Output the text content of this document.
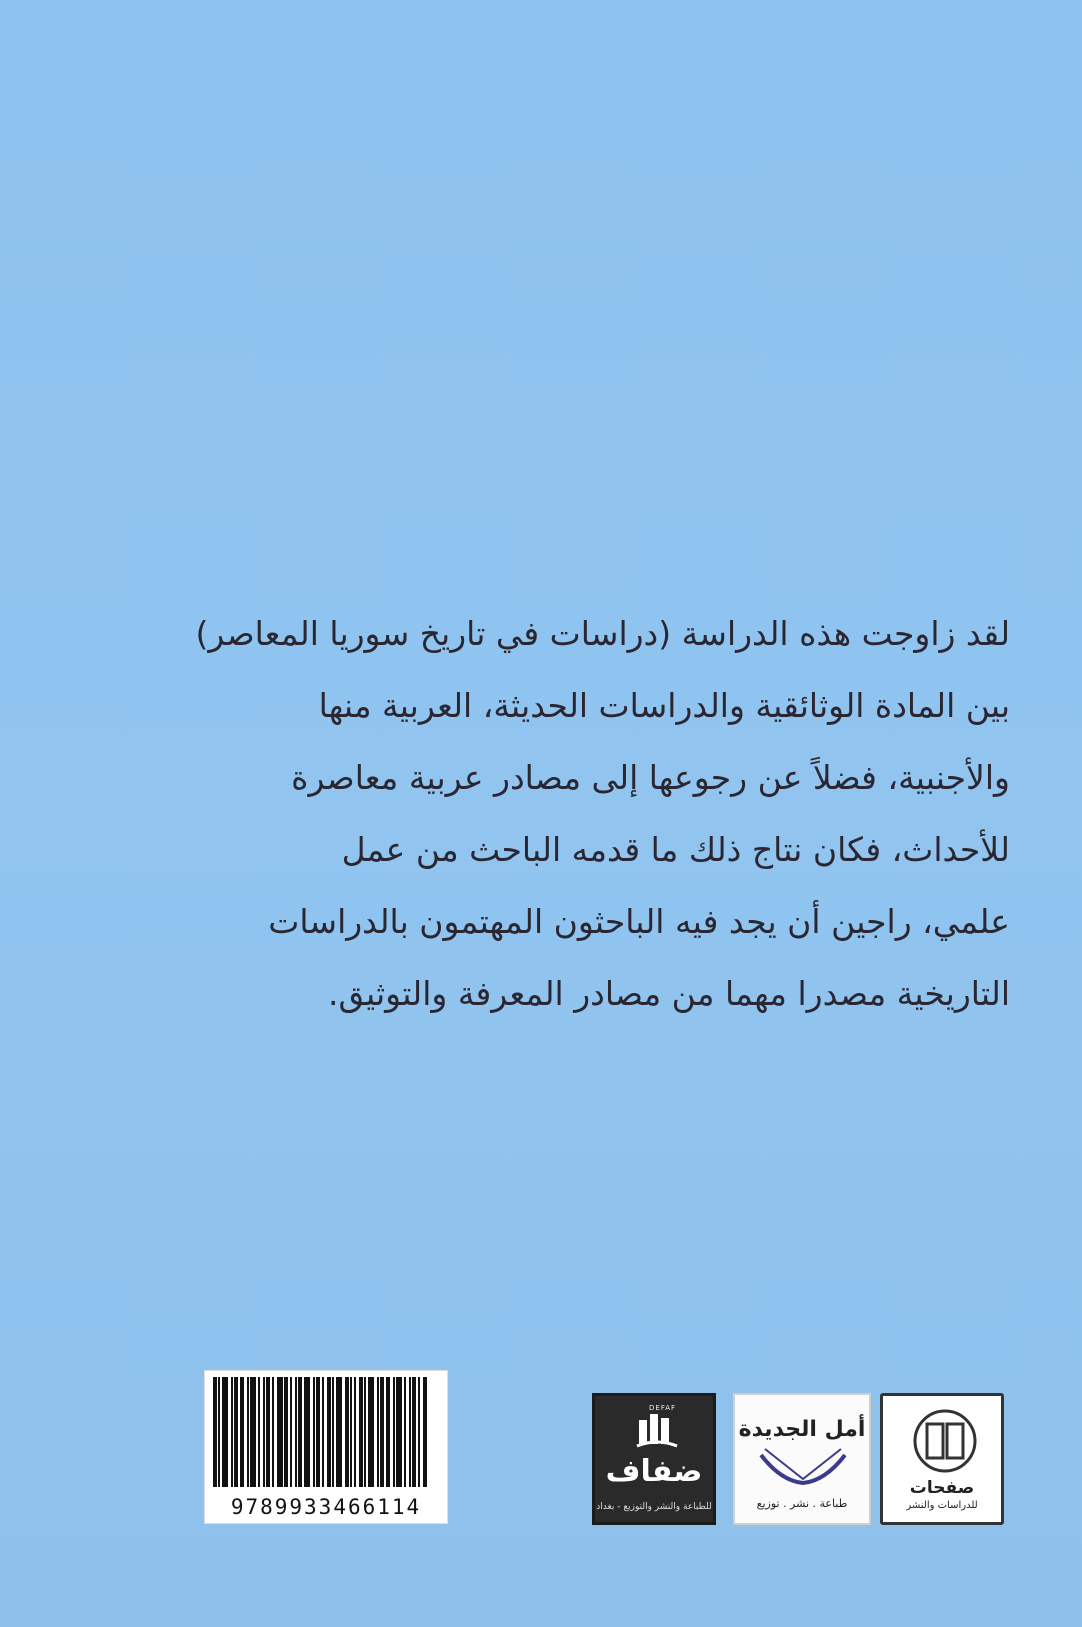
لقد زاوجت هذه الدراسة (دراسات في تاريخ سوريا المعاصر)
بين المادة الوثائقية والدراسات الحديثة، العربية منها
والأجنبية، فضلاً عن رجوعها إلى مصادر عربية معاصرة
للأحداث، فكان نتاج ذلك ما قدمه الباحث من عمل
علمي، راجين أن يجد فيه الباحثون المهتمون بالدراسات
التاريخية مصدرا مهما من مصادر المعرفة والتوثيق.
9789933466114
DEFAF
ضفاف
للطباعة والنشر والتوزيع - بغداد
أمل الجديدة
طباعة . نشر . توزيع
صفحات
للدراسات والنشر
